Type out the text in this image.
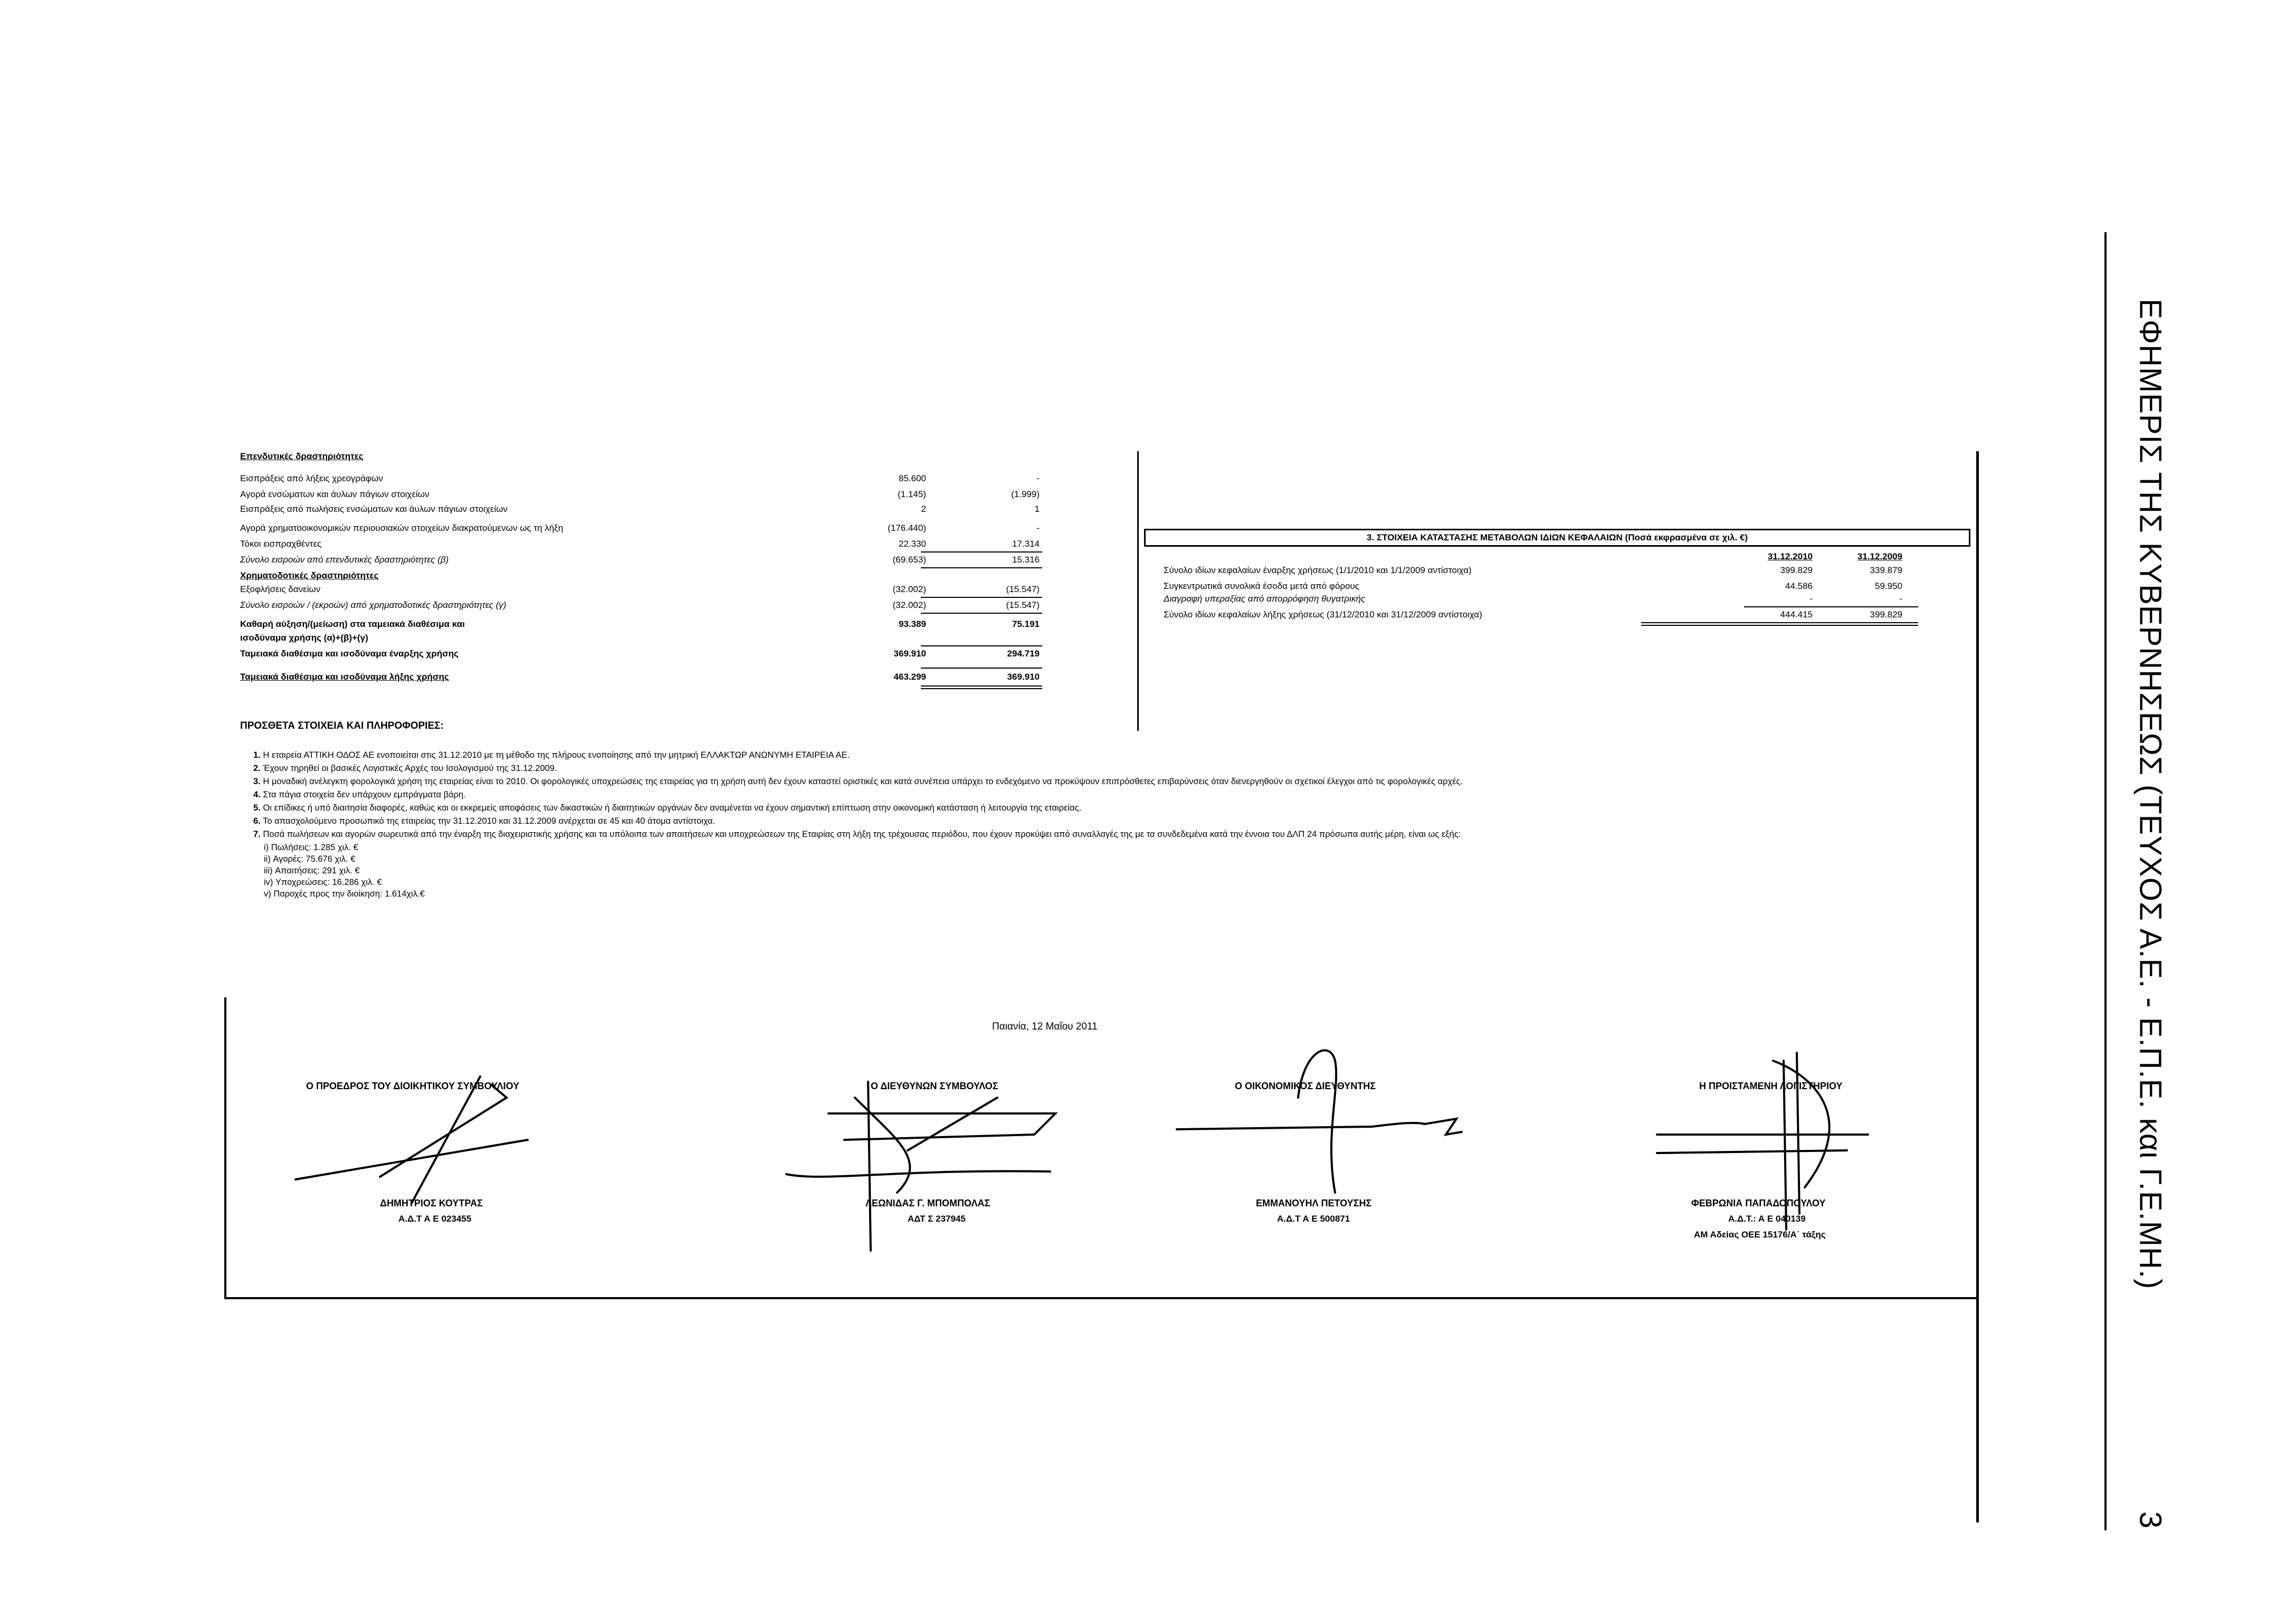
Επενδυτικές δραστηριότητες
Εισπράξεις από λήξεις χρεογράφων	85.600	-
Αγορά ενσώματων και άυλων πάγιων στοιχείων	(1.145)	(1.999)
Εισπράξεις από πωλήσεις ενσώματων και άυλων πάγιων στοιχείων	2	1
Αγορά χρηματοοικονομικών περιουσιακών στοιχείων διακρατούμενων ως τη λήξη	(176.440)	-
Τόκοι εισπραχθέντες	22.330	17.314
Σύνολο εισροών από επενδυτικές δραστηριότητες (β)	(69.653)	15.316
Χρηματοδοτικές δραστηριότητες
Εξοφλήσεις δανείων	(32.002)	(15.547)
Σύνολο εισροών / (εκροών) από χρηματοδοτικές δραστηριότητες (γ)	(32.002)	(15.547)
Καθαρή αύξηση/(μείωση) στα ταμειακά διαθέσιμα και	93.389	75.191
ισοδύναμα χρήσης (α)+(β)+(γ)
Ταμειακά διαθέσιμα και ισοδύναμα έναρξης χρήσης	369.910	294.719
Ταμειακά διαθέσιμα και ισοδύναμα λήξης χρήσης	463.299	369.910
3. ΣΤΟΙΧΕΙΑ ΚΑΤΑΣΤΑΣΗΣ ΜΕΤΑΒΟΛΩΝ ΙΔΙΩΝ ΚΕΦΑΛΑΙΩΝ (Ποσά εκφρασμένα σε χιλ. €)
31.12.2010	31.12.2009
Σύνολο ιδίων κεφαλαίων έναρξης χρήσεως (1/1/2010 και 1/1/2009 αντίστοιχα)	399.829	339.879
Συγκεντρωτικά συνολικά έσοδα μετά από φόρους	44.586	59.950
Διαγραφή υπεραξίας από απορρόφηση θυγατρικής	-	-
Σύνολο ιδίων κεφαλαίων λήξης χρήσεως (31/12/2010 και 31/12/2009 αντίστοιχα)	444.415	399.829
ΠΡΟΣΘΕΤΑ ΣΤΟΙΧΕΙΑ ΚΑΙ ΠΛΗΡΟΦΟΡΙΕΣ:

1. Η εταιρεία ΑΤΤΙΚΗ ΟΔΟΣ ΑΕ ενοποιείται στις 31.12.2010 με τη μέθοδο της πλήρους ενοποίησης από την μητρική ΕΛΛΑΚΤΩΡ ΑΝΩΝΥΜΗ ΕΤΑΙΡΕΙΑ ΑΕ.

2. Έχουν τηρηθεί οι βασικές Λογιστικές Αρχές του Ισολογισμού της 31.12.2009.

3. Η μοναδική ανέλεγκτη φορολογικά χρήση της εταιρείας είναι το 2010. Οι φορολογικές υποχρεώσεις της εταιρείας για τη χρήση αυτή δεν έχουν καταστεί οριστικές και κατά συνέπεια υπάρχει το ενδεχόμενο να προκύψουν επιπρόσθετες επιβαρύνσεις όταν διενεργηθούν οι σχετικοί έλεγχοι από τις φορολογικές αρχές.

4. Στα πάγια στοιχεία δεν υπάρχουν εμπράγματα βάρη.

5. Οι επίδικες ή υπό διαιτησία διαφορές, καθώς και οι εκκρεμείς αποφάσεις των δικαστικών ή διαιτητικών οργάνων δεν αναμένεται να έχουν σημαντική επίπτωση στην οικονομική κατάσταση ή λειτουργία της εταιρείας.

6. Το απασχολούμενο προσωπικό της εταιρείας την 31.12.2010 και 31.12.2009 ανέρχεται σε 45 και 40 άτομα αντίστοιχα.

7. Ποσά πωλήσεων και αγορών σωρευτικά από την έναρξη της διαχειριστικής χρήσης και τα υπόλοιπα των απαιτήσεων και υποχρεώσεων της Εταιρίας στη λήξη της τρέχουσας περιόδου, που έχουν προκύψει από συναλλαγές της με τα συνδεδεμένα κατά την έννοια του ΔΛΠ 24 πρόσωπα αυτής μέρη, είναι ως εξής:

i) Πωλήσεις: 1.285 χιλ. €
ii) Αγορές: 75.676 χιλ. €
iii) Απαιτήσεις: 291 χιλ. €
iv) Υποχρεώσεις: 16.286 χιλ. €
v) Παροχές προς την διοίκηση: 1.614χιλ.€
Παιανία, 12 Μαΐου 2011
Ο ΠΡΟΕΔΡΟΣ ΤΟΥ ΔΙΟΙΚΗΤΙΚΟΥ ΣΥΜΒΟΥΛΙΟΥ
ΔΗΜΗΤΡΙΟΣ ΚΟΥΤΡΑΣ
Α.Δ.Τ Α Ε 023455
Ο ΔΙΕΥΘΥΝΩΝ ΣΥΜΒΟΥΛΟΣ
ΛΕΩΝΙΔΑΣ Γ. ΜΠΟΜΠΟΛΑΣ
ΑΔΤ Σ 237945
Ο ΟΙΚΟΝΟΜΙΚΟΣ ΔΙΕΥΘΥΝΤΗΣ
ΕΜΜΑΝΟΥΗΛ ΠΕΤΟΥΣΗΣ
Α.Δ.Τ Α Ε 500871
Η ΠΡΟΙΣΤΑΜΕΝΗ ΛΟΓΙΣΤΗΡΙΟΥ
ΦΕΒΡΩΝΙΑ ΠΑΠΑΔΟΠΟΥΛΟΥ
Α.Δ.Τ.: Α Ε 040139
ΑΜ Αδείας ΟΕΕ 15176/Α΄ τάξης	ΕΦΗΜΕΡΙΣ ΤΗΣ ΚΥΒΕΡΝΗΣΕΩΣ (ΤΕΥΧΟΣ Α.Ε. - Ε.Π.Ε. και Γ.Ε.ΜΗ.)
3
